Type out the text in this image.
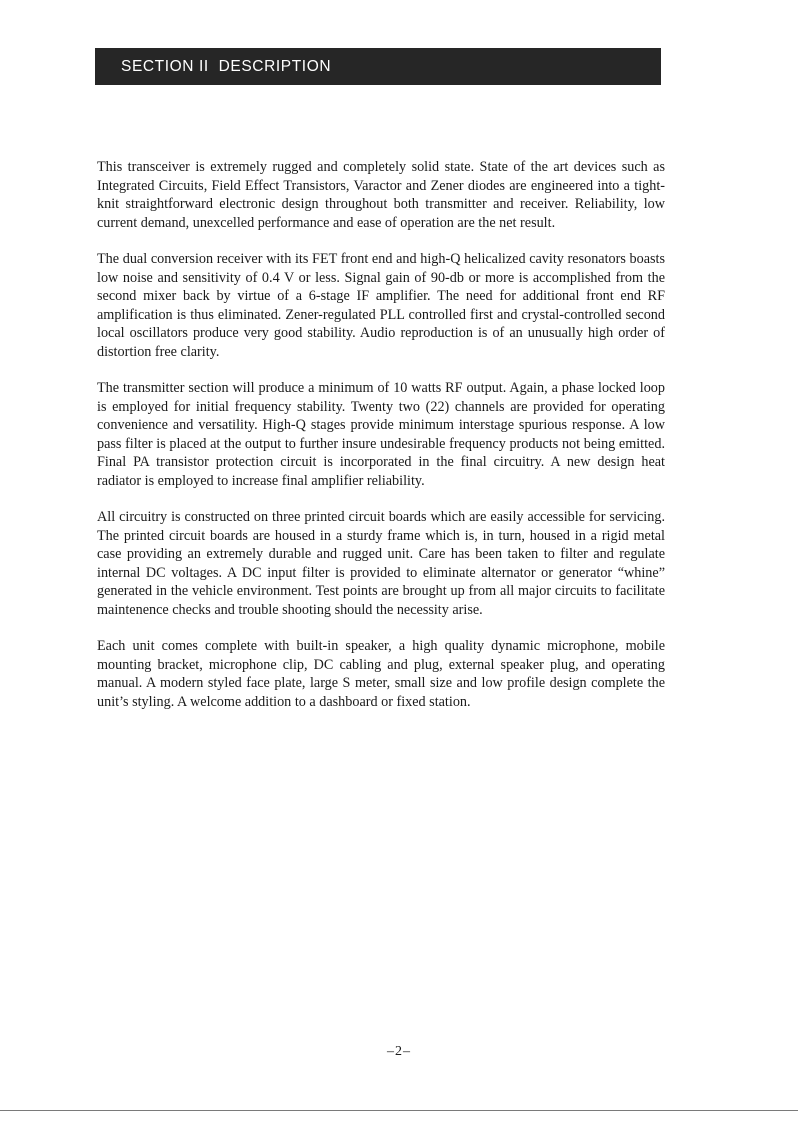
SECTION II  DESCRIPTION

This transceiver is extremely rugged and completely solid state. State of the art devices such as Integrated Circuits, Field Effect Transistors, Varactor and Zener diodes are engineered into a tight-knit straightforward electronic design throughout both transmitter and receiver. Reliability, low current demand, unexcelled performance and ease of operation are the net result.

The dual conversion receiver with its FET front end and high-Q helicalized cavity resonators boasts low noise and sensitivity of 0.4 V or less. Signal gain of 90-db or more is accomplished from the second mixer back by virtue of a 6-stage IF amplifier. The need for additional front end RF amplification is thus eliminated. Zener-regulated PLL controlled first and crystal-controlled second local oscillators produce very good stability. Audio reproduction is of an unusually high order of distortion free clarity.

The transmitter section will produce a minimum of 10 watts RF output. Again, a phase locked loop is employed for initial frequency stability. Twenty two (22) channels are provided for operating convenience and versatility. High-Q stages provide minimum interstage spurious response. A low pass filter is placed at the output to further insure undesirable frequency products not being emitted. Final PA transistor protection circuit is incorporated in the final circuitry. A new design heat radiator is employed to increase final amplifier reliability.

All circuitry is constructed on three printed circuit boards which are easily accessible for servicing. The printed circuit boards are housed in a sturdy frame which is, in turn, housed in a rigid metal case providing an extremely durable and rugged unit. Care has been taken to filter and regulate internal DC voltages. A DC input filter is provided to eliminate alternator or generator “whine” generated in the vehicle environment. Test points are brought up from all major circuits to facilitate maintenence checks and trouble shooting should the necessity arise.

Each unit comes complete with built-in speaker, a high quality dynamic microphone, mobile mounting bracket, microphone clip, DC cabling and plug, external speaker plug, and operating manual. A modern styled face plate, large S meter, small size and low profile design complete the unit’s styling. A welcome addition to a dashboard or fixed station.

–2–
